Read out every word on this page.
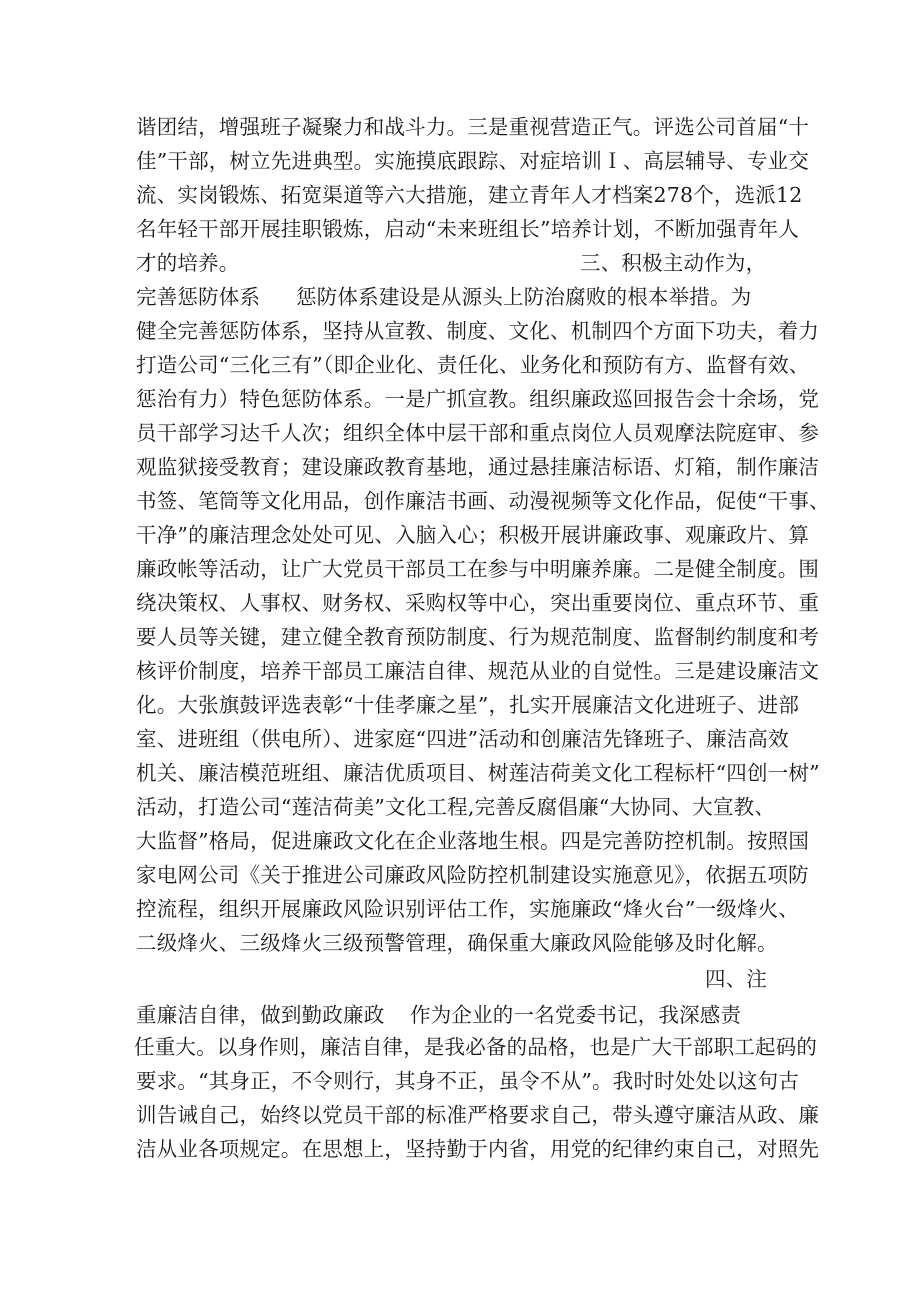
谐团结，增强班子凝聚力和战斗力。三是重视营造正气。评选公司首届“十
佳”干部，树立先进典型。实施摸底跟踪、对症培训Ｉ、高层辅导、专业交
流、实岗锻炼、拓宽渠道等六大措施，建立青年人才档案278个，选派12
名年轻干部开展挂职锻炼，启动“未来班组长”培养计划，不断加强青年人
才的培养。	三、积极主动作为，
完善惩防体系 惩防体系建设是从源头上防治腐败的根本举措。为
健全完善惩防体系，坚持从宣教、制度、文化、机制四个方面下功夫，着力
打造公司“三化三有”（即企业化、责任化、业务化和预防有方、监督有效、
惩治有力）特色惩防体系。一是广抓宣教。组织廉政巡回报告会十余场，党
员干部学习达千人次；组织全体中层干部和重点岗位人员观摩法院庭审、参
观监狱接受教育；建设廉政教育基地，通过悬挂廉洁标语、灯箱，制作廉洁
书签、笔筒等文化用品，创作廉洁书画、动漫视频等文化作品，促使“干事、
干净”的廉洁理念处处可见、入脑入心；积极开展讲廉政事、观廉政片、算
廉政帐等活动，让广大党员干部员工在参与中明廉养廉。二是健全制度。围
绕决策权、人事权、财务权、采购权等中心，突出重要岗位、重点环节、重
要人员等关键，建立健全教育预防制度、行为规范制度、监督制约制度和考
核评价制度，培养干部员工廉洁自律、规范从业的自觉性。三是建设廉洁文
化。大张旗鼓评选表彰“十佳孝廉之星”，扎实开展廉洁文化进班子、进部
室、进班组（供电所）、进家庭“四进”活动和创廉洁先锋班子、廉洁高效
机关、廉洁模范班组、廉洁优质项目、树莲洁荷美文化工程标杆“四创一树”
活动，打造公司“莲洁荷美”文化工程,完善反腐倡廉“大协同、大宣教、
大监督”格局，促进廉政文化在企业落地生根。四是完善防控机制。按照国
家电网公司《关于推进公司廉政风险防控机制建设实施意见》，依据五项防
控流程，组织开展廉政风险识别评估工作，实施廉政“烽火台”一级烽火、
二级烽火、三级烽火三级预警管理，确保重大廉政风险能够及时化解。
四、注
重廉洁自律，做到勤政廉政 作为企业的一名党委书记，我深感责
任重大。以身作则，廉洁自律，是我必备的品格，也是广大干部职工起码的
要求。“其身正，不令则行，其身不正，虽令不从”。我时时处处以这句古
训告诫自己，始终以党员干部的标准严格要求自己，带头遵守廉洁从政、廉
洁从业各项规定。在思想上，坚持勤于内省，用党的纪律约束自己，对照先
